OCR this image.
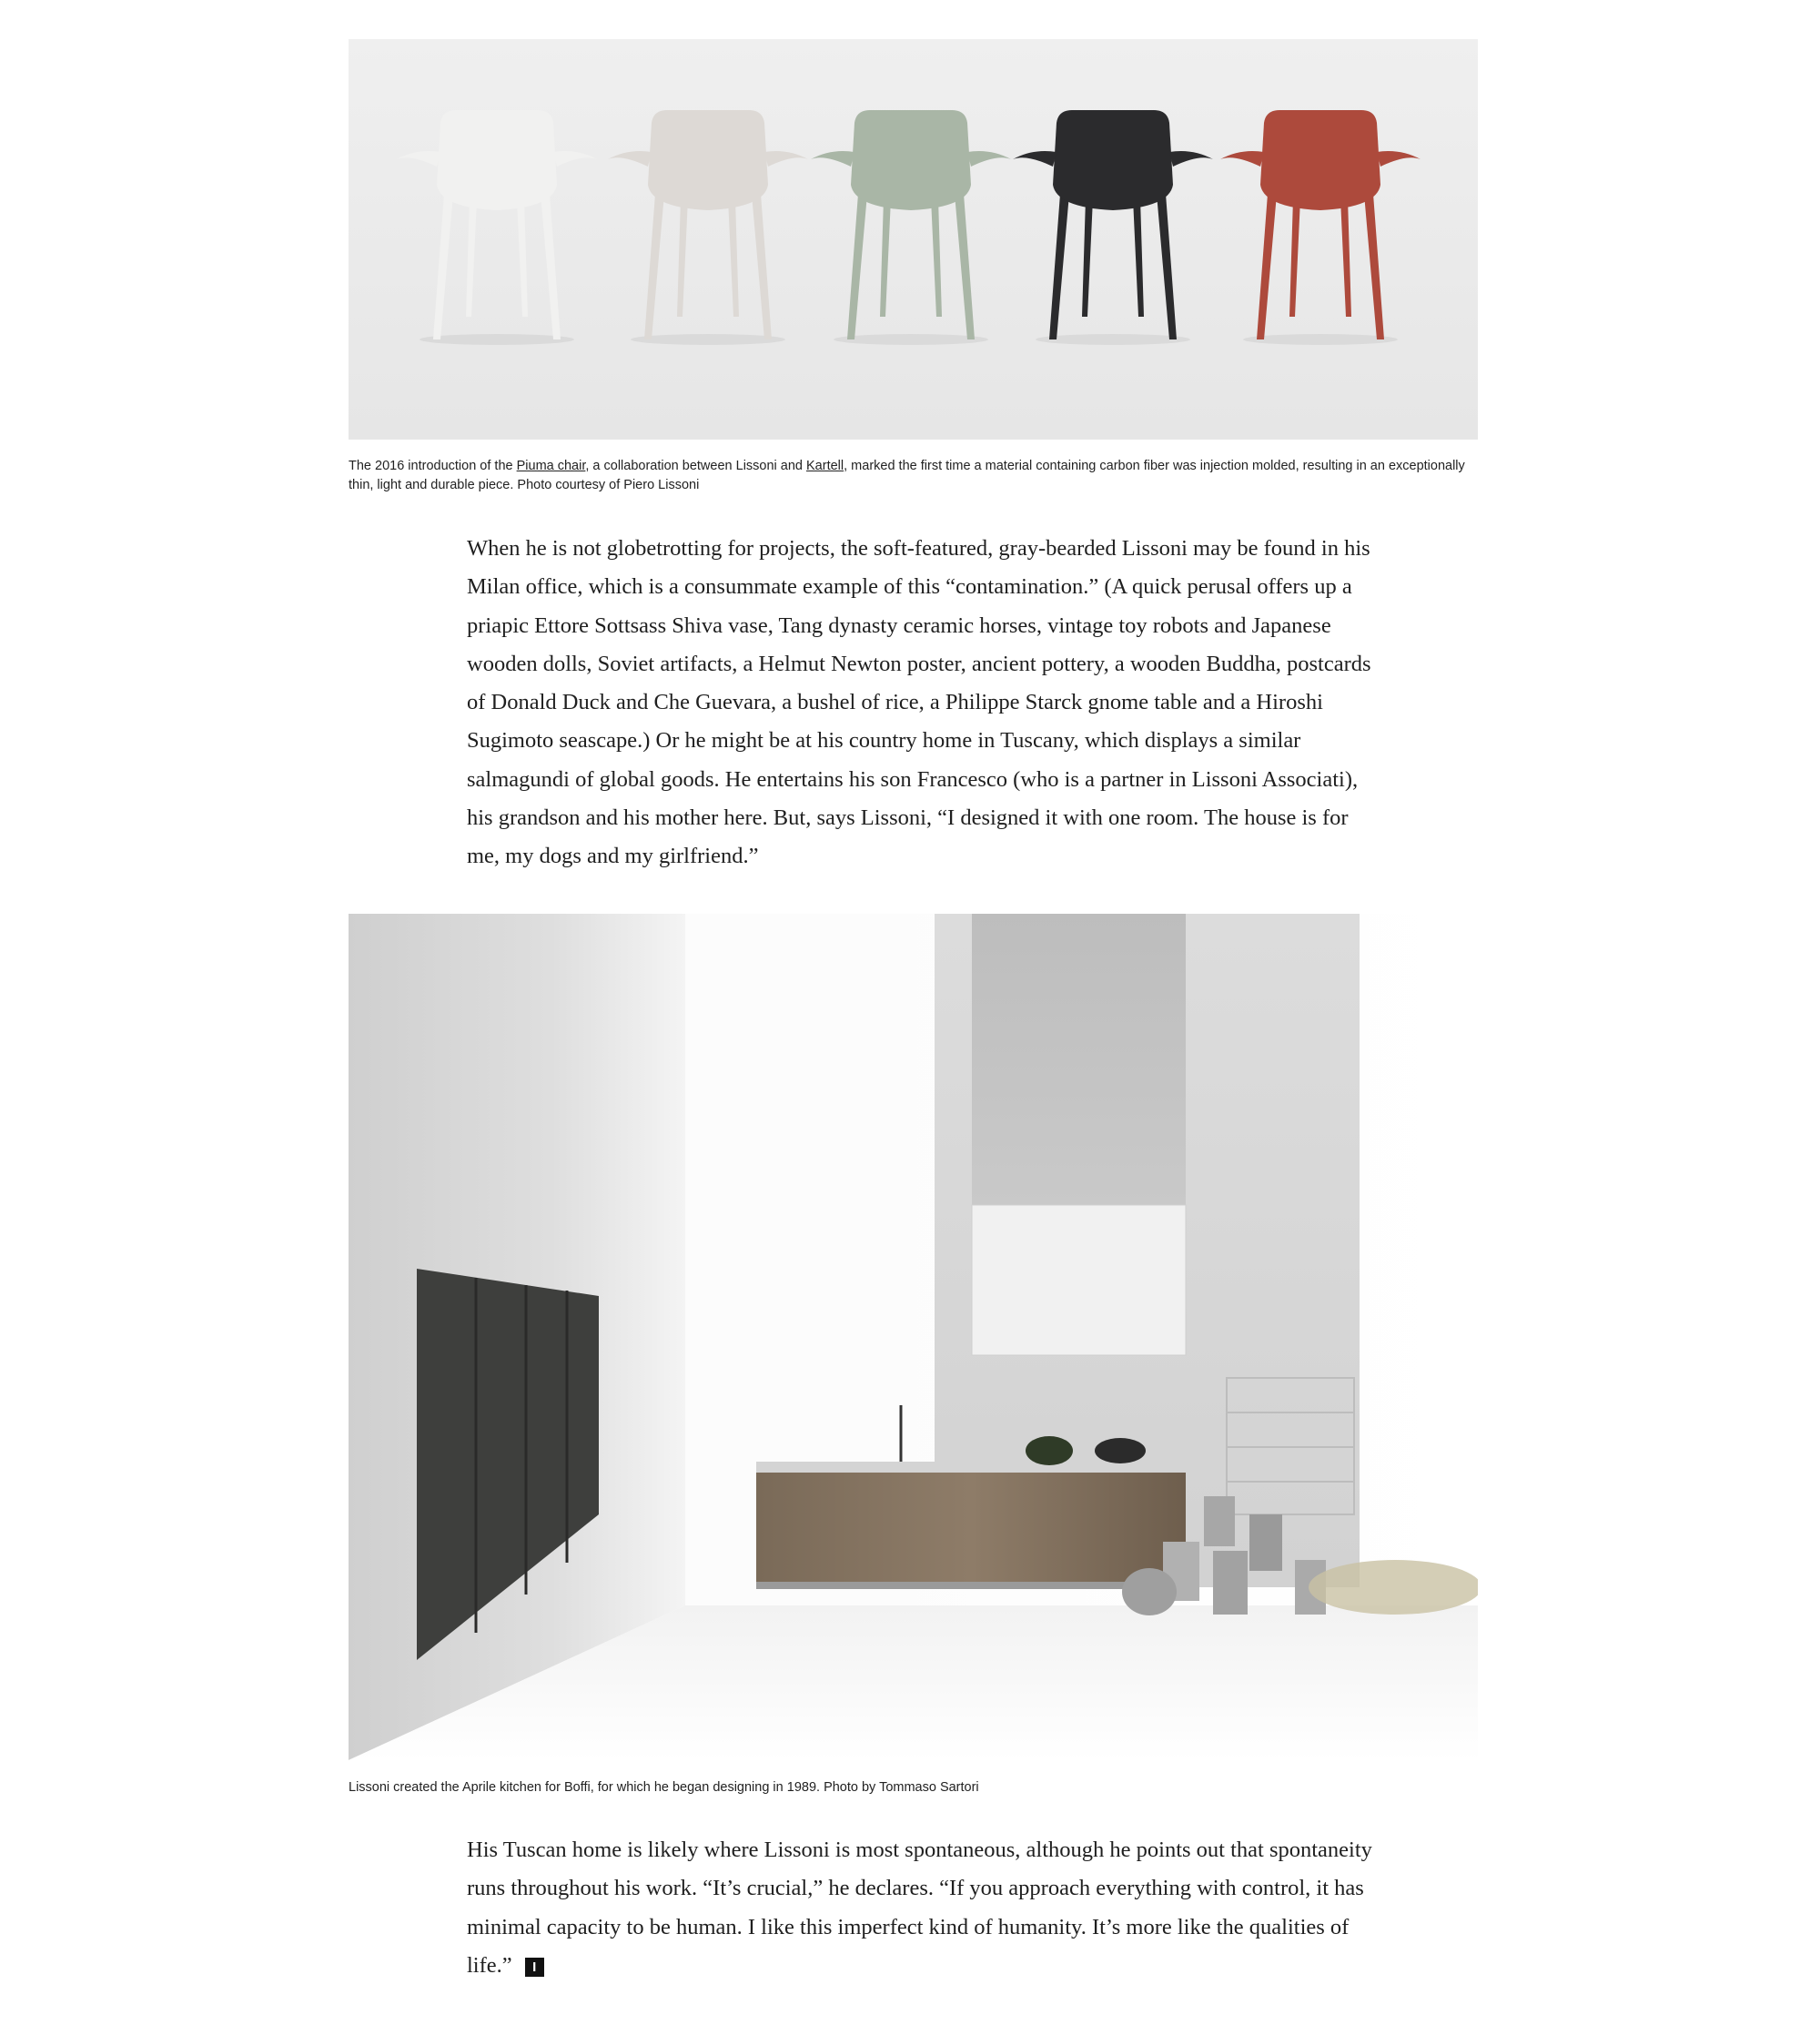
The 2016 introduction of the Piuma chair, a collaboration between Lissoni and Kartell, marked the first time a material containing carbon fiber was injection molded, resulting in an exceptionally thin, light and durable piece. Photo courtesy of Piero Lissoni

When he is not globetrotting for projects, the soft-featured, gray-bearded Lissoni may be found in his Milan office, which is a consummate example of this “contamination.” (A quick perusal offers up a priapic Ettore Sottsass Shiva vase, Tang dynasty ceramic horses, vintage toy robots and Japanese wooden dolls, Soviet artifacts, a Helmut Newton poster, ancient pottery, a wooden Buddha, postcards of Donald Duck and Che Guevara, a bushel of rice, a Philippe Starck gnome table and a Hiroshi Sugimoto seascape.) Or he might be at his country home in Tuscany, which displays a similar salmagundi of global goods. He entertains his son Francesco (who is a partner in Lissoni Associati), his grandson and his mother here. But, says Lissoni, “I designed it with one room. The house is for me, my dogs and my girlfriend.”

Lissoni created the Aprile kitchen for Boffi, for which he began designing in 1989. Photo by Tommaso Sartori

His Tuscan home is likely where Lissoni is most spontaneous, although he points out that spontaneity runs throughout his work. “It’s crucial,” he declares. “If you approach everything with control, it has minimal capacity to be human. I like this imperfect kind of humanity. It’s more like the qualities of life.” I
